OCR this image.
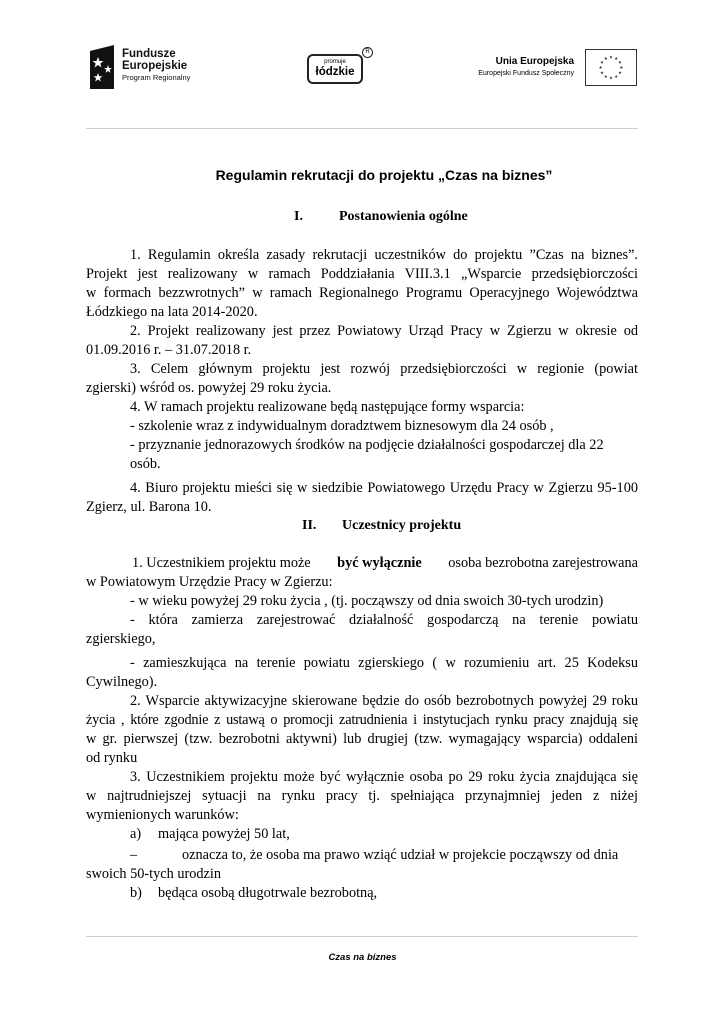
Fundusze
Europejskie
Program Regionalny
promuje
łódzkie
R
Unia Europejska
Europejski Fundusz Społeczny
Regulamin rekrutacji do projektu „Czas na biznes”
I.	Postanowienia ogólne
1. Regulamin określa zasady rekrutacji uczestników do projektu ”Czas na biznes”.
Projekt jest realizowany w ramach Poddziałania VIII.3.1 „Wsparcie przedsiębiorczości
w formach bezzwrotnych” w ramach Regionalnego Programu Operacyjnego Województwa
Łódzkiego na lata 2014-2020.
2. Projekt realizowany jest przez Powiatowy Urząd Pracy w Zgierzu w okresie od
01.09.2016 r. – 31.07.2018 r.
3. Celem głównym projektu jest rozwój przedsiębiorczości w regionie (powiat
zgierski) wśród os. powyżej 29 roku życia.
4. W ramach projektu realizowane będą następujące formy wsparcia:
- szkolenie wraz z indywidualnym doradztwem biznesowym dla 24 osób ,
- przyznanie jednorazowych środków na podjęcie działalności gospodarczej dla 22
osób.
4. Biuro projektu mieści się w siedzibie Powiatowego Urzędu Pracy w Zgierzu 95-100
Zgierz, ul. Barona 10.
II. Uczestnicy projektu
1. Uczestnikiem projektu może być wyłącznie osoba bezrobotna zarejestrowana
w Powiatowym Urzędzie Pracy w Zgierzu:
- w wieku powyżej 29 roku życia , (tj. począwszy od dnia swoich 30-tych urodzin)
- która zamierza zarejestrować działalność gospodarczą na terenie powiatu
zgierskiego,
- zamieszkująca na terenie powiatu zgierskiego ( w rozumieniu art. 25 Kodeksu
Cywilnego).
2. Wsparcie aktywizacyjne skierowane będzie do osób bezrobotnych powyżej 29 roku
życia , które zgodnie z ustawą o promocji zatrudnienia i instytucjach rynku pracy znajdują się
w gr. pierwszej (tzw. bezrobotni aktywni) lub drugiej (tzw. wymagający wsparcia) oddaleni
od rynku
3. Uczestnikiem projektu może być wyłącznie osoba po 29 roku życia znajdująca się
w najtrudniejszej sytuacji na rynku pracy tj. spełniająca przynajmniej jeden z niżej
wymienionych warunków:
a) mająca powyżej 50 lat,
–	oznacza to, że osoba ma prawo wziąć udział w projekcie począwszy od dnia
swoich 50-tych urodzin
b) będąca osobą długotrwale bezrobotną,
Czas na biznes
